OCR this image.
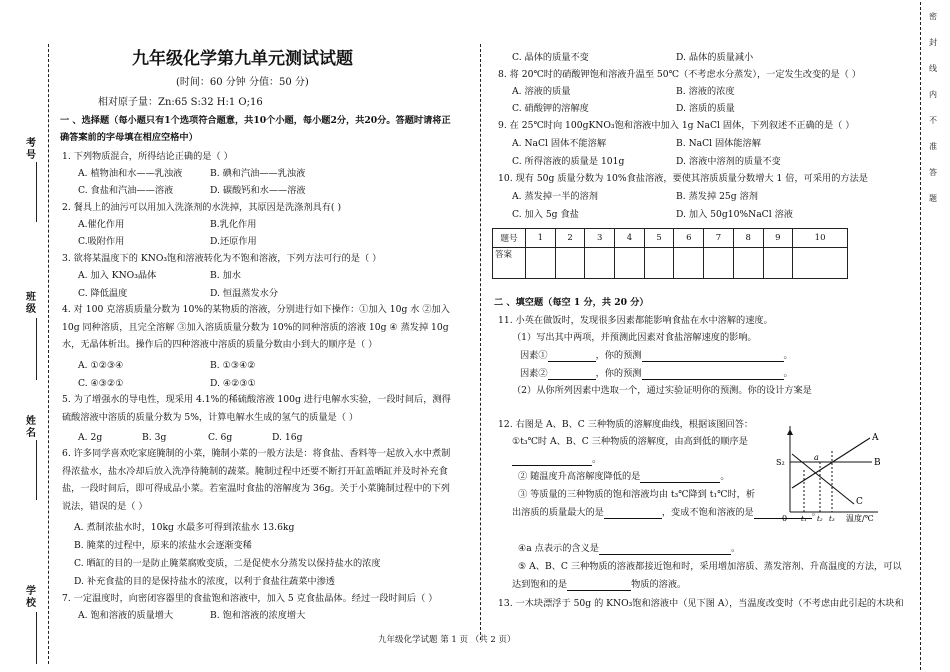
考号
班级
姓名
学校
密 封 线 内 不 准 答 题
九年级化学第九单元测试试题
(时间：60 分钟 分值：50 分)
相对原子量：Zn:65 S:32 H:1 O;16
一 、选择题（每小题只有1个选项符合题意，共10个小题，每小题2分，共20分。答题时请将正
确答案前的字母填在相应空格中）
1. 下列物质混合，所得结论正确的是（ ）
A. 植物油和水——乳浊液	B. 碘和汽油——乳浊液
C. 食盐和汽油——溶液	D. 碳酸钙和水——溶液
2. 餐具上的油污可以用加入洗涤剂的水洗掉，其原因是洗涤剂具有( )
A.催化作用	B.乳化作用
C.吸附作用	D.还原作用
3. 欲将某温度下的 KNO₃饱和溶液转化为不饱和溶液，下列方法可行的是（ ）
A. 加入 KNO₃晶体	B. 加水
C. 降低温度	D. 恒温蒸发水分
4. 对 100 克溶质质量分数为 10%的某物质的溶液，分别进行如下操作：①加入 10g 水 ②加入 10g 同种溶质，且完全溶解 ③加入溶质质量分数为 10%的同种溶质的溶液 10g ④ 蒸发掉 10g 水，无晶体析出。操作后的四种溶液中溶质的质量分数由小到大的顺序是（ ）
A. ①②③④	B. ①③④②
C. ④③②①	D. ④②③①
5. 为了增强水的导电性，现采用 4.1%的稀硫酸溶液 100g 进行电解水实验，一段时间后，测得硫酸溶液中溶质的质量分数为 5%，计算电解水生成的氢气的质量是（ ）
A. 2g	B. 3g	C. 6g	D. 16g
6. 许多同学喜欢吃家庭腌制的小菜，腌制小菜的一般方法是：将食盐、香料等一起放入水中煮制得浓盐水，盐水冷却后放入洗净待腌制的蔬菜。腌制过程中还要不断打开缸盖晒缸并及时补充食盐，一段时间后，即可得成品小菜。若室温时食盐的溶解度为 36g。关于小菜腌制过程中的下列说法，错误的是（ ）
A. 煮制浓盐水时，10kg 水最多可得到浓盐水 13.6kg
B. 腌菜的过程中，原来的浓盐水会逐渐变稀
C. 晒缸的目的一是防止腌菜腐败变质，二是促使水分蒸发以保持盐水的浓度
D. 补充食盐的目的是保持盐水的浓度，以利于食盐往蔬菜中渗透
7. 一定温度时，向密闭容器里的食盐饱和溶液中，加入 5 克食盐晶体。经过一段时间后（ ）
A. 饱和溶液的质量增大	B. 饱和溶液的浓度增大
C. 晶体的质量不变	D. 晶体的质量减小
8. 将 20℃时的硝酸钾饱和溶液升温至 50℃（不考虑水分蒸发），一定发生改变的是（ ）
A. 溶液的质量	B. 溶液的浓度
C. 硝酸钾的溶解度	D. 溶质的质量
9. 在 25℃时向 100gKNO₃饱和溶液中加入 1g NaCl 固体，下列叙述不正确的是（ ）
A. NaCl 固体不能溶解	B. NaCl 固体能溶解
C. 所得溶液的质量是 101g	D. 溶液中溶剂的质量不变
10. 现有 50g 质量分数为 10%食盐溶液，要使其溶质质量分数增大 1 倍，可采用的方法是
A. 蒸发掉一半的溶剂	B. 蒸发掉 25g 溶剂
C. 加入 5g 食盐	D. 加入 50g10%NaCl 溶液
题号	1	2	3	4	5	6	7	8	9	10
答案										
二 、填空题（每空 1 分，共 20 分）
11. 小英在做饭时，发现很多因素都能影响食盐在水中溶解的速度。
（1）写出其中两项，并预测此因素对食盐溶解速度的影响。
因素①	，你的预测	。
因素②	，你的预测	。
（2）从你所列因素中选取一个，通过实验证明你的预测。你的设计方案是
12. 右图是 A、B、C 三种物质的溶解度曲线，根据该图回答：
①t₃℃时 A、B、C 三种物质的溶解度，由高到低的顺序是
。
② 随温度升高溶解度降低的是	。
③ 等质量的三种物质的饱和溶液均由 t₃℃降到 t₁℃时，析
出溶质的质量最大的是	，变成不饱和溶液的是	。
④a 点表示的含义是	。
⑤ A、B、C 三种物质的溶液都接近饱和时，采用增加溶质、蒸发溶剂、升高温度的方法，可以
达到饱和的是	物质的溶液。
13. 一木块漂浮于 50g 的 KNO₃饱和溶液中（见下图 A），当温度改变时（不考虑由此引起的木块和
A
B
C
a
S₂
0 t₁ t₂ t₃ 温度/℃
九年级化学试题 第 1 页 （共 2 页）
